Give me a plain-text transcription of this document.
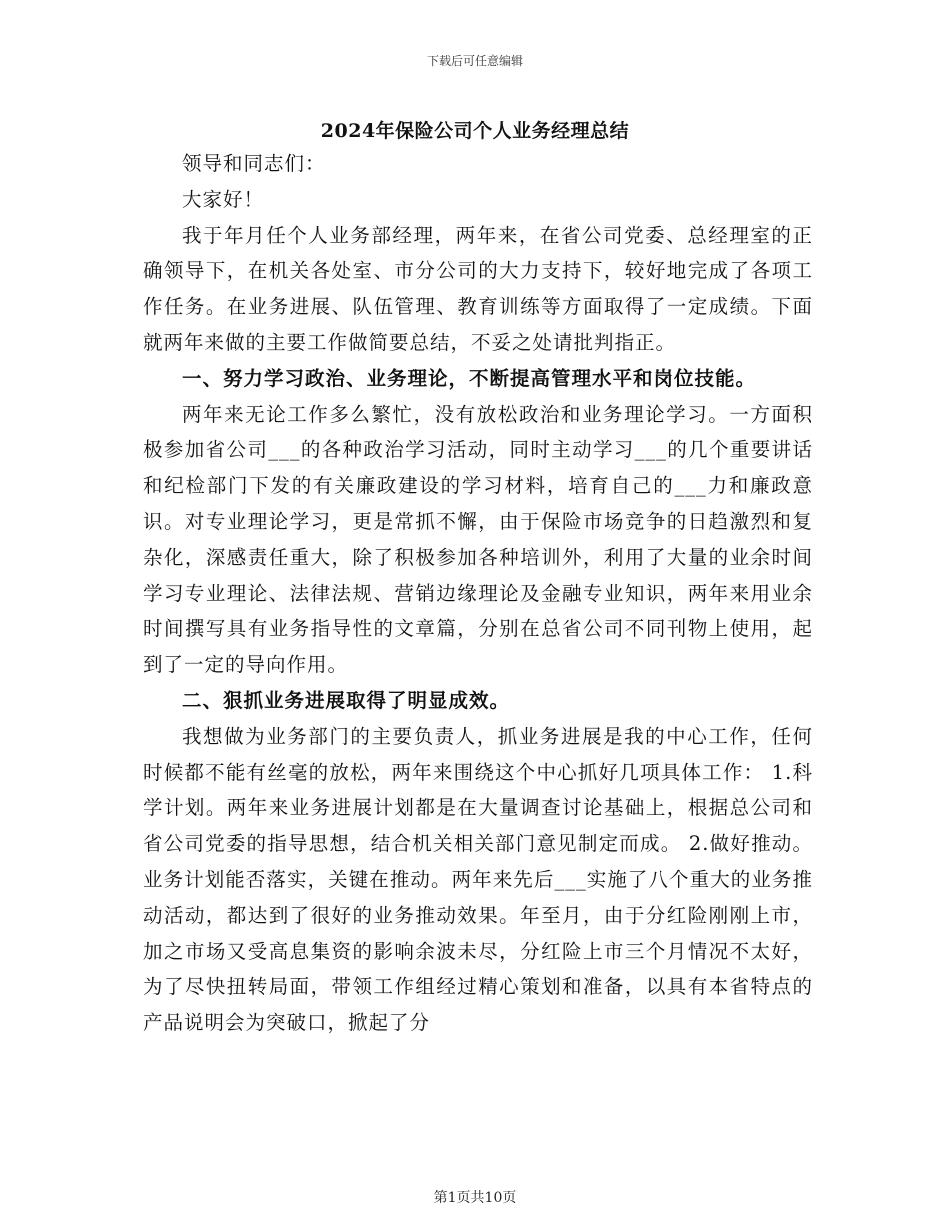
下载后可任意编辑
2024年保险公司个人业务经理总结

领导和同志们：

大家好！

我于年月任个人业务部经理，两年来，在省公司党委、总经理室的正确领导下，在机关各处室、市分公司的大力支持下，较好地完成了各项工作任务。在业务进展、队伍管理、教育训练等方面取得了一定成绩。下面就两年来做的主要工作做简要总结，不妥之处请批判指正。

一、努力学习政治、业务理论，不断提高管理水平和岗位技能。

两年来无论工作多么繁忙，没有放松政治和业务理论学习。一方面积极参加省公司___的各种政治学习活动，同时主动学习___的几个重要讲话和纪检部门下发的有关廉政建设的学习材料，培育自己的___力和廉政意识。对专业理论学习，更是常抓不懈，由于保险市场竞争的日趋激烈和复杂化，深感责任重大，除了积极参加各种培训外，利用了大量的业余时间学习专业理论、法律法规、营销边缘理论及金融专业知识，两年来用业余时间撰写具有业务指导性的文章篇，分别在总省公司不同刊物上使用，起到了一定的导向作用。

二、狠抓业务进展取得了明显成效。

我想做为业务部门的主要负责人，抓业务进展是我的中心工作，任何时候都不能有丝毫的放松，两年来围绕这个中心抓好几项具体工作： 1.科学计划。两年来业务进展计划都是在大量调查讨论基础上，根据总公司和省公司党委的指导思想，结合机关相关部门意见制定而成。 2.做好推动。业务计划能否落实，关键在推动。两年来先后___实施了八个重大的业务推动活动，都达到了很好的业务推动效果。年至月，由于分红险刚刚上市，加之市场又受高息集资的影响余波未尽，分红险上市三个月情况不太好，为了尽快扭转局面，带领工作组经过精心策划和准备，以具有本省特点的产品说明会为突破口，掀起了分

第1页共10页
